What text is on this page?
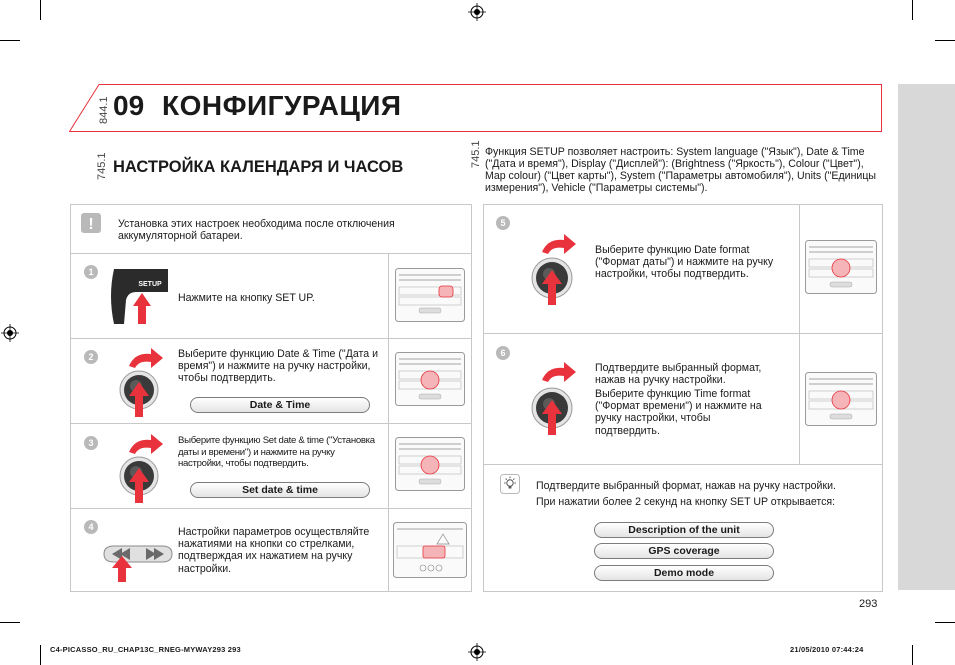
09 КОНФИГУРАЦИЯ
844.1
745.1 НАСТРОЙКА КАЛЕНДАРЯ И ЧАСОВ	745.1 Функция SETUP позволяет настроить: System language ("Язык"), Date & Time ("Дата и время"), Display ("Дисплей"): (Brightness ("Яркость"), Colour ("Цвет"), Map colour) ("Цвет карты"), System ("Параметры автомобиля"), Units ("Единицы измерения"), Vehicle ("Параметры системы").
! Установка этих настроек необходима после отключения аккумуляторной батареи.
1
SETUP
Нажмите на кнопку SET UP.
2	Выберите функцию Date & Time ("Дата и время") и нажмите на ручку настройки, чтобы подтвердить.
Date & Time
3	Выберите функцию Set date & time ("Установка даты и времени") и нажмите на ручку настройки, чтобы подтвердить.
Set date & time
4	Настройки параметров осуществляйте нажатиями на кнопки со стрелками, подтверждая их нажатием на ручку настройки.
5
Выберите функцию Date format ("Формат даты") и нажмите на ручку настройки, чтобы подтвердить.
6
Подтвердите выбранный формат, нажав на ручку настройки.
Выберите функцию Time format ("Формат времени") и нажмите на ручку настройки, чтобы подтвердить.
Подтвердите выбранный формат, нажав на ручку настройки.
При нажатии более 2 секунд на кнопку SET UP открывается:
Description of the unit
GPS coverage
Demo mode
293
C4-PICASSO_RU_CHAP13C_RNEG-MYWAY293 293	21/05/2010 07:44:24
